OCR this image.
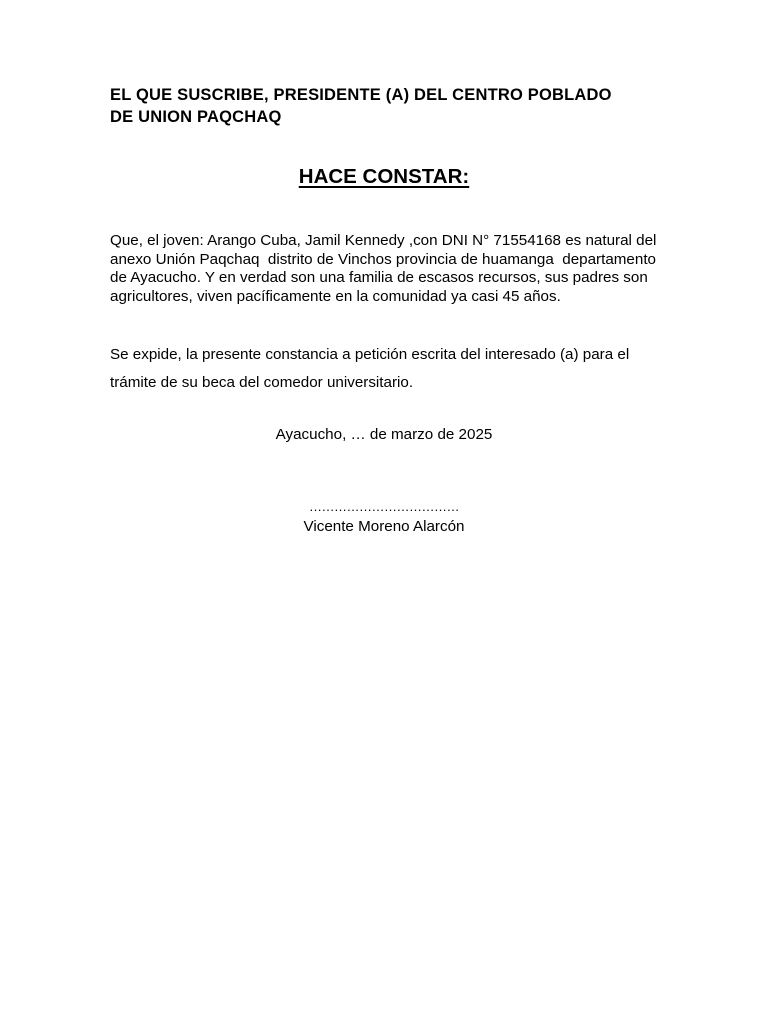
EL QUE SUSCRIBE, PRESIDENTE (A) DEL CENTRO POBLADO
DE UNION PAQCHAQ
HACE CONSTAR:
Que, el joven: Arango Cuba, Jamil Kennedy ,con DNI N° 71554168 es natural del
anexo Unión Paqchaq  distrito de Vinchos provincia de huamanga  departamento
de Ayacucho. Y en verdad son una familia de escasos recursos, sus padres son
agricultores, viven pacíficamente en la comunidad ya casi 45 años.
Se expide, la presente constancia a petición escrita del interesado (a) para el
trámite de su beca del comedor universitario.
Ayacucho, … de marzo de 2025
………………………………
Vicente Moreno Alarcón
